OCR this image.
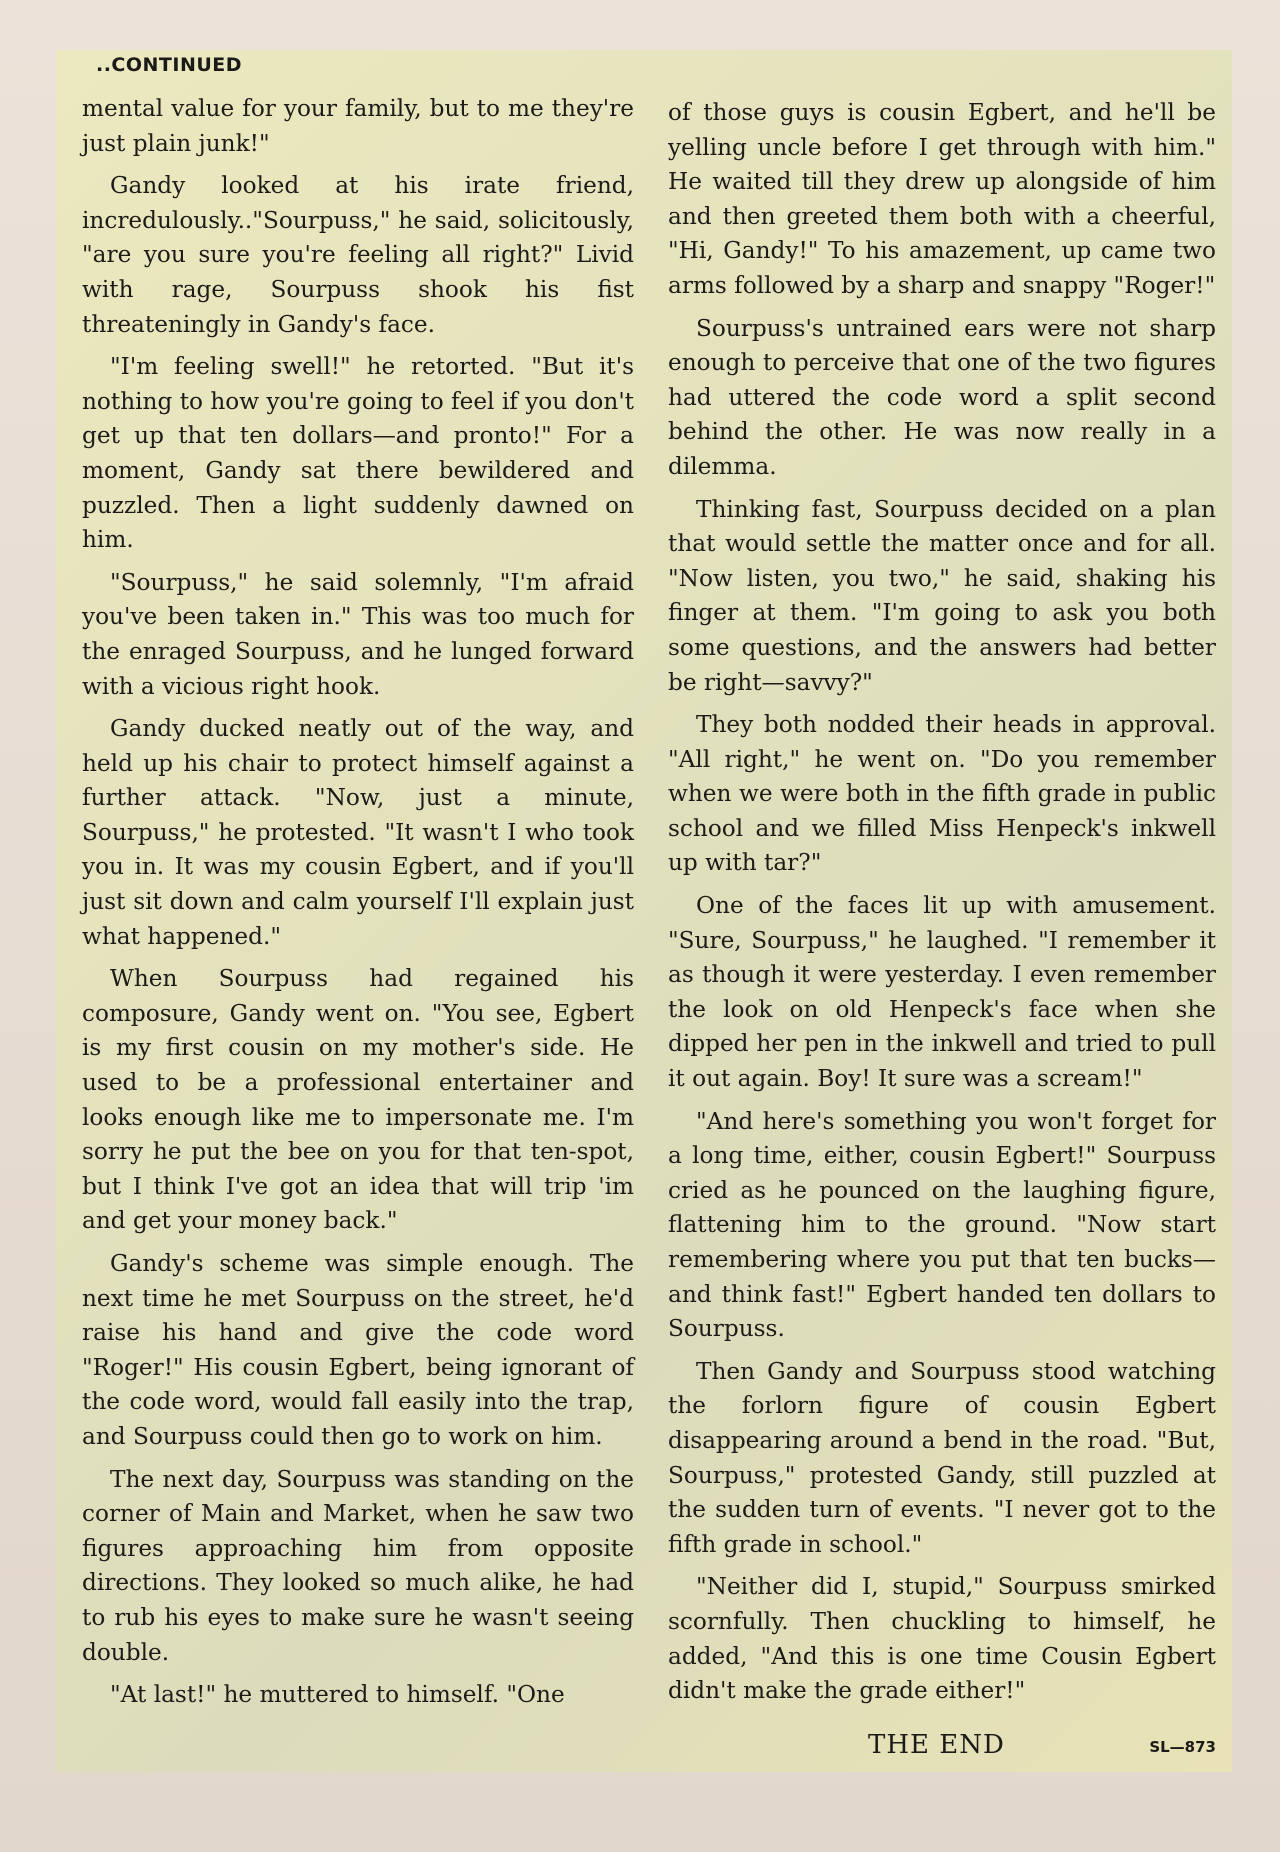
..CONTINUED

mental value for your family, but to me they're just plain junk!"

Gandy looked at his irate friend, incredulously.."Sourpuss," he said, solicitously, "are you sure you're feeling all right?" Livid with rage, Sourpuss shook his fist threateningly in Gandy's face.

"I'm feeling swell!" he retorted. "But it's nothing to how you're going to feel if you don't get up that ten dollars—and pronto!" For a moment, Gandy sat there bewildered and puzzled. Then a light suddenly dawned on him.

"Sourpuss," he said solemnly, "I'm afraid you've been taken in." This was too much for the enraged Sourpuss, and he lunged forward with a vicious right hook.

Gandy ducked neatly out of the way, and held up his chair to protect himself against a further attack. "Now, just a minute, Sourpuss," he protested. "It wasn't I who took you in. It was my cousin Egbert, and if you'll just sit down and calm yourself I'll explain just what happened."

When Sourpuss had regained his composure, Gandy went on. "You see, Egbert is my first cousin on my mother's side. He used to be a professional entertainer and looks enough like me to impersonate me. I'm sorry he put the bee on you for that ten-spot, but I think I've got an idea that will trip 'im and get your money back."

Gandy's scheme was simple enough. The next time he met Sourpuss on the street, he'd raise his hand and give the code word "Roger!" His cousin Egbert, being ignorant of the code word, would fall easily into the trap, and Sourpuss could then go to work on him.

The next day, Sourpuss was standing on the corner of Main and Market, when he saw two figures approaching him from opposite directions. They looked so much alike, he had to rub his eyes to make sure he wasn't seeing double.

"At last!" he muttered to himself. "One

of those guys is cousin Egbert, and he'll be yelling uncle before I get through with him." He waited till they drew up alongside of him and then greeted them both with a cheerful, "Hi, Gandy!" To his amazement, up came two arms followed by a sharp and snappy "Roger!"

Sourpuss's untrained ears were not sharp enough to perceive that one of the two figures had uttered the code word a split second behind the other. He was now really in a dilemma.

Thinking fast, Sourpuss decided on a plan that would settle the matter once and for all. "Now listen, you two," he said, shaking his finger at them. "I'm going to ask you both some questions, and the answers had better be right—savvy?"

They both nodded their heads in approval. "All right," he went on. "Do you remember when we were both in the fifth grade in public school and we filled Miss Henpeck's inkwell up with tar?"

One of the faces lit up with amusement. "Sure, Sourpuss," he laughed. "I remember it as though it were yesterday. I even remember the look on old Henpeck's face when she dipped her pen in the inkwell and tried to pull it out again. Boy! It sure was a scream!"

"And here's something you won't forget for a long time, either, cousin Egbert!" Sourpuss cried as he pounced on the laughing figure, flattening him to the ground. "Now start remembering where you put that ten bucks—and think fast!" Egbert handed ten dollars to Sourpuss.

Then Gandy and Sourpuss stood watching the forlorn figure of cousin Egbert disappearing around a bend in the road. "But, Sourpuss," protested Gandy, still puzzled at the sudden turn of events. "I never got to the fifth grade in school."

"Neither did I, stupid," Sourpuss smirked scornfully. Then chuckling to himself, he added, "And this is one time Cousin Egbert didn't make the grade either!"

THE END	SL—873
